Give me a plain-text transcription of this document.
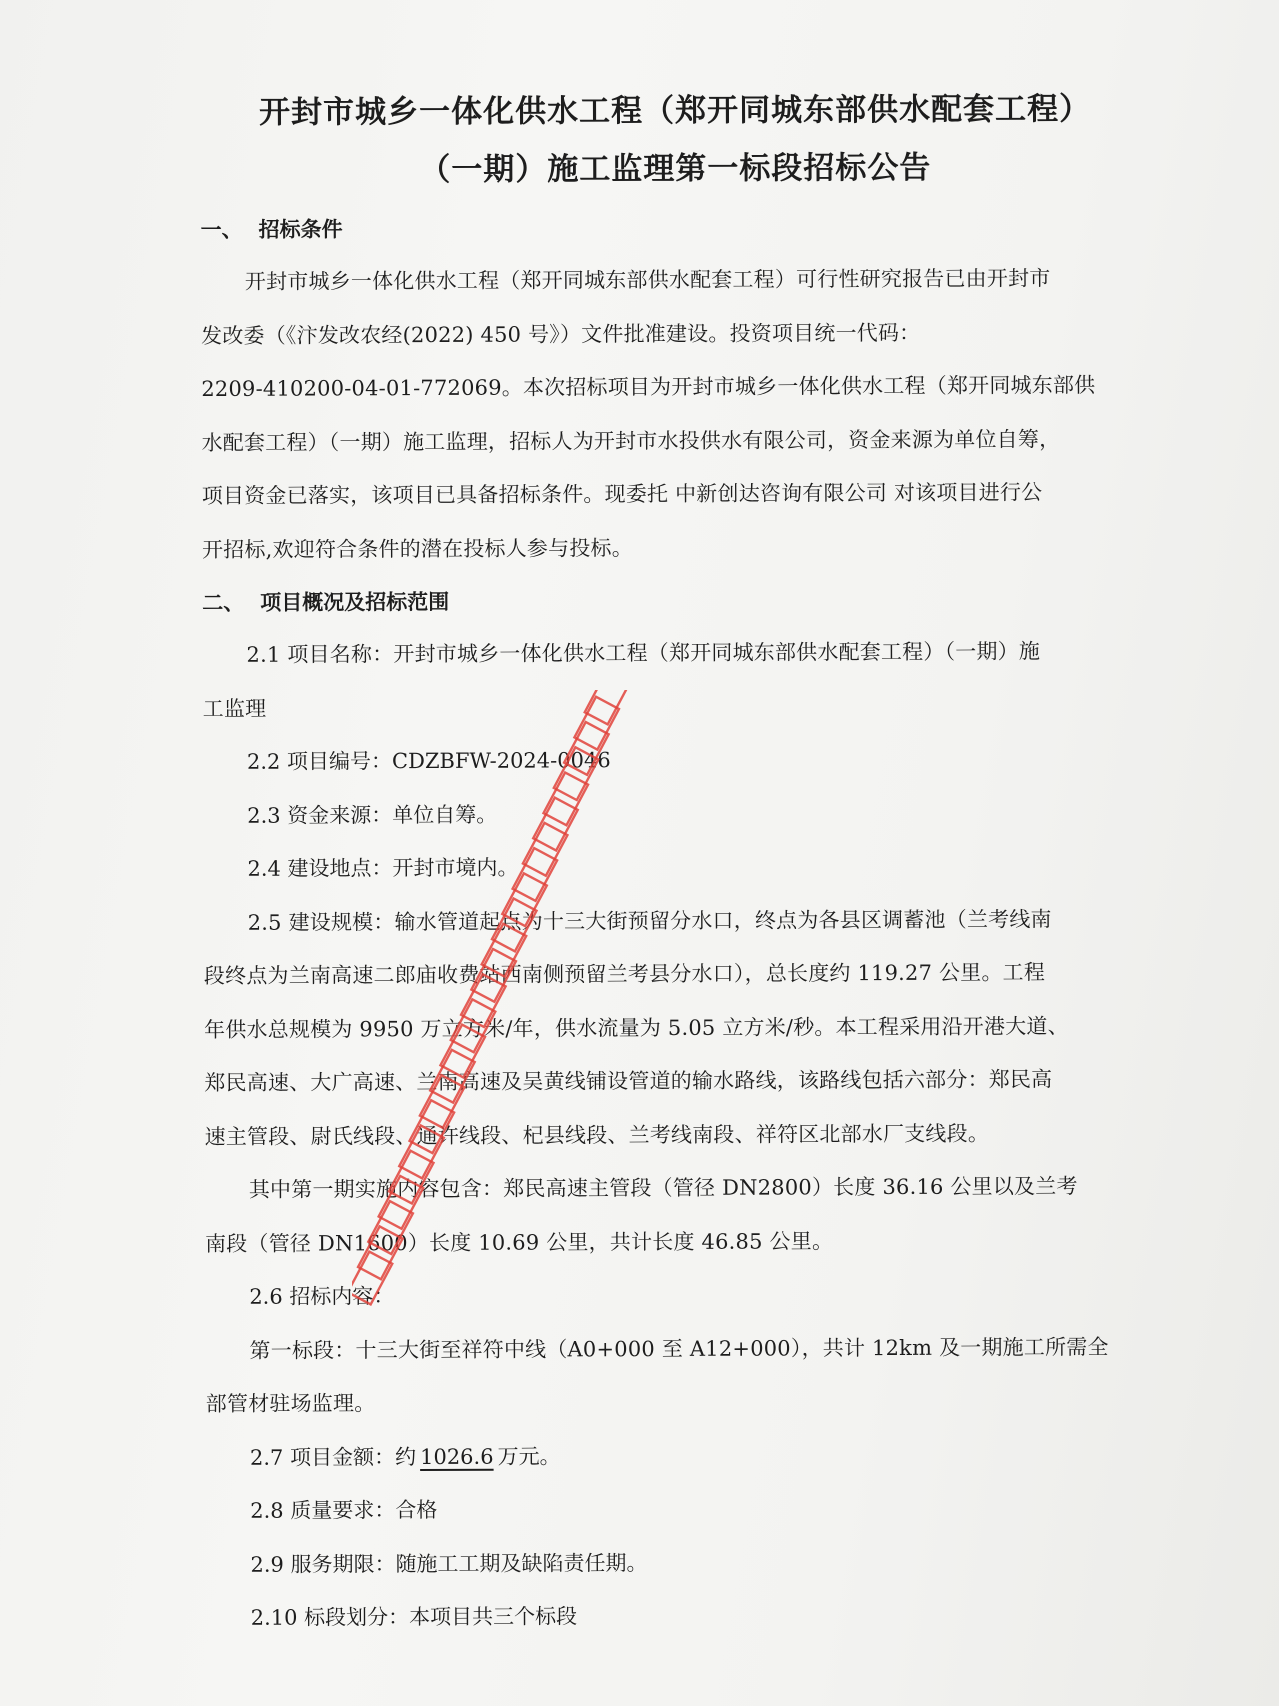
开封市城乡一体化供水工程（郑开同城东部供水配套工程）
（一期）施工监理第一标段招标公告
一、 招标条件

开封市城乡一体化供水工程（郑开同城东部供水配套工程）可行性研究报告已由开封市
发改委（《汴发改农经(2022) 450 号》）文件批准建设。投资项目统一代码：
2209-410200-04-01-772069。本次招标项目为开封市城乡一体化供水工程（郑开同城东部供
水配套工程）（一期）施工监理，招标人为开封市水投供水有限公司，资金来源为单位自筹，
项目资金已落实，该项目已具备招标条件。现委托 中新创达咨询有限公司 对该项目进行公
开招标,欢迎符合条件的潜在投标人参与投标。

二、 项目概况及招标范围

2.1 项目名称：开封市城乡一体化供水工程（郑开同城东部供水配套工程）（一期）施
工监理

2.2 项目编号：CDZBFW-2024-0046

2.3 资金来源：单位自筹。

2.4 建设地点：开封市境内。

2.5 建设规模：输水管道起点为十三大街预留分水口，终点为各县区调蓄池（兰考线南
段终点为兰南高速二郎庙收费站西南侧预留兰考县分水口），总长度约 119.27 公里。工程
年供水总规模为 9950 万立方米/年，供水流量为 5.05 立方米/秒。本工程采用沿开港大道、
郑民高速、大广高速、兰南高速及吴黄线铺设管道的输水路线，该路线包括六部分：郑民高
速主管段、尉氏线段、通许线段、杞县线段、兰考线南段、祥符区北部水厂支线段。

其中第一期实施内容包含：郑民高速主管段（管径 DN2800）长度 36.16 公里以及兰考
南段（管径 DN1600）长度 10.69 公里，共计长度 46.85 公里。

2.6 招标内容：

第一标段：十三大街至祥符中线（A0+000 至 A12+000），共计 12km 及一期施工所需全
部管材驻场监理。

2.7 项目金额：约 1026.6 万元。

2.8 质量要求：合格

2.9 服务期限：随施工工期及缺陷责任期。

2.10 标段划分：本项目共三个标段
